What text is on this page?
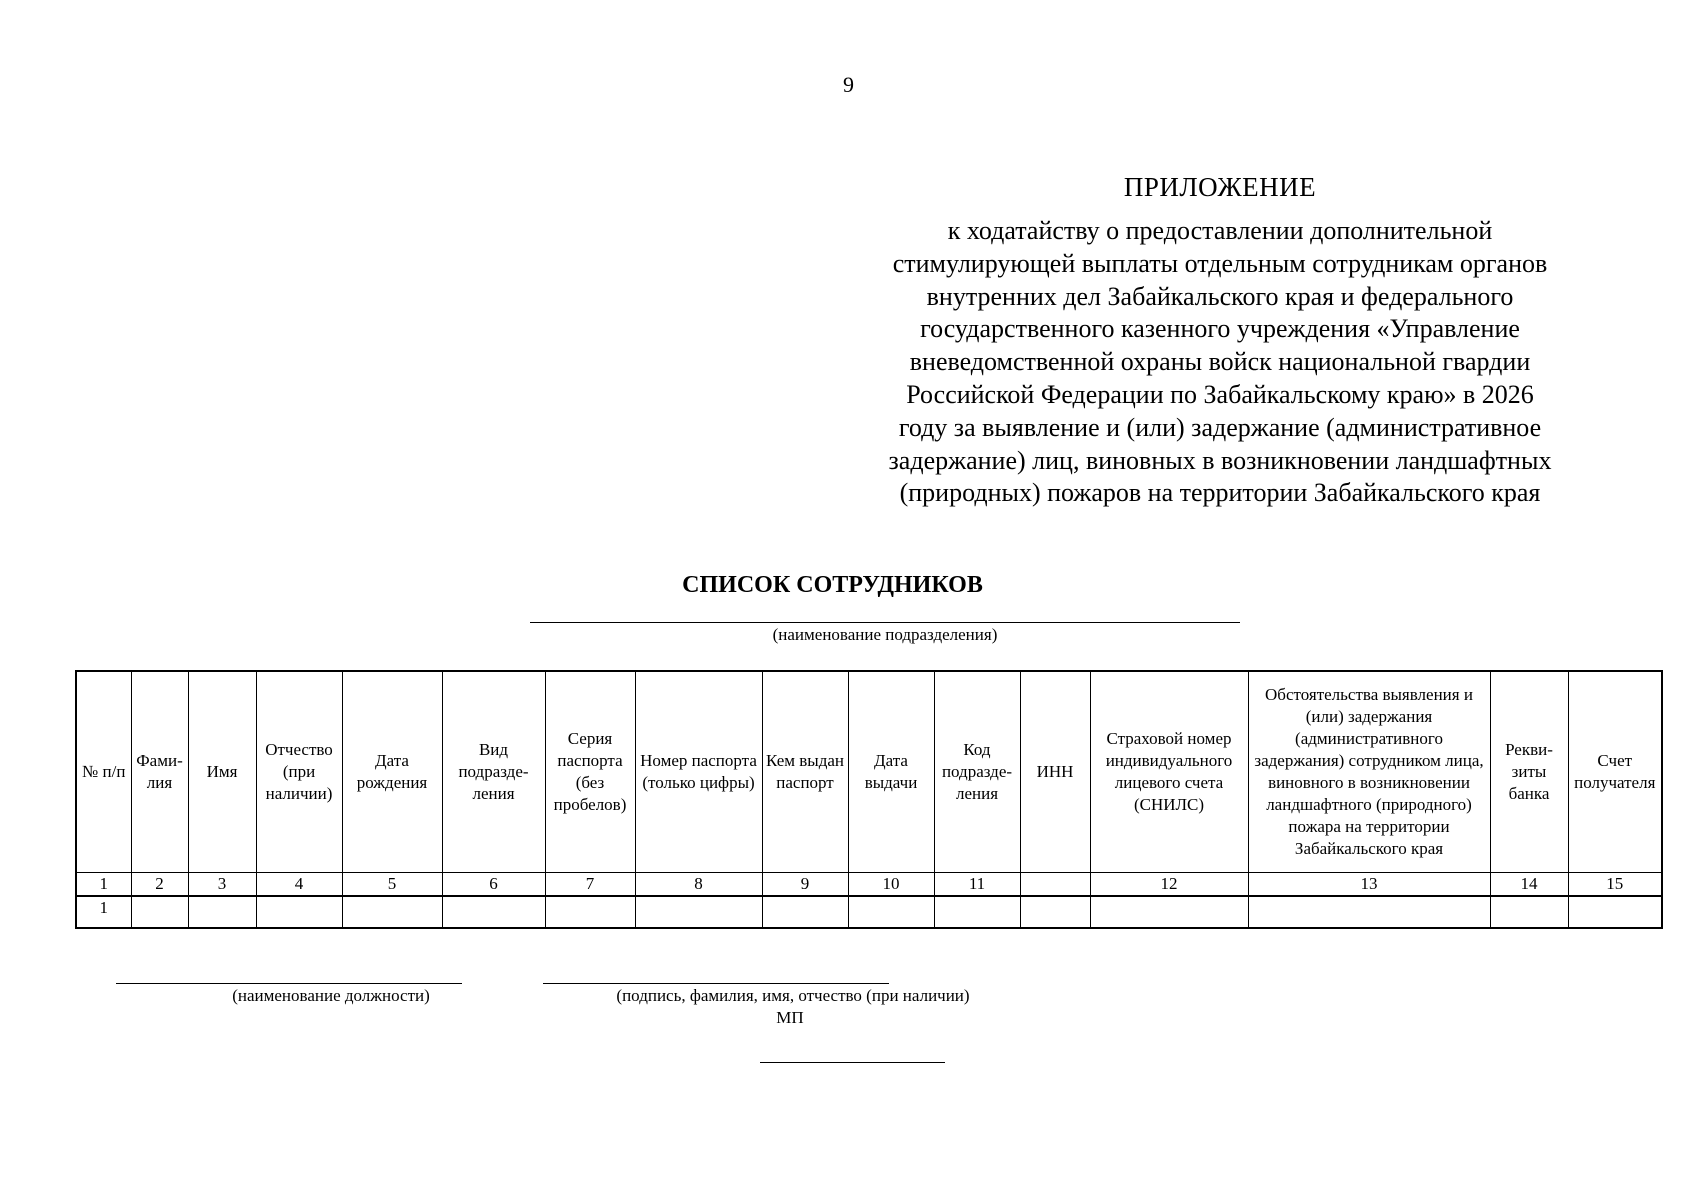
9
ПРИЛОЖЕНИЕ
к ходатайству о предоставлении дополнительной
стимулирующей выплаты отдельным сотрудникам органов
внутренних дел Забайкальского края и федерального
государственного казенного учреждения «Управление
вневедомственной охраны войск национальной гвардии
Российской Федерации по Забайкальскому краю» в 2026
году за выявление и (или) задержание (административное
задержание) лиц, виновных в возникновении ландшафтных
(природных) пожаров на территории Забайкальского края
СПИСОК СОТРУДНИКОВ
(наименование подразделения)
№ п/п	Фами-лия	Имя	Отчество (при наличии)	Дата рождения	Вид подразде-ления	Серия паспорта (без пробелов)	Номер паспорта (только цифры)	Кем выдан паспорт	Дата выдачи	Код подразде-ления	ИНН	Страховой номер индивидуального лицевого счета (СНИЛС)	Обстоятельства выявления и (или) задержания (административного задержания) сотрудником лица, виновного в возникновении ландшафтного (природного) пожара на территории Забайкальского края	Рекви-зиты банка	Счет получателя
1	2	3	4	5	6	7	8	9	10	11		12	13	14	15
1															
(наименование должности)	(подпись, фамилия, имя, отчество (при наличии)
МП
